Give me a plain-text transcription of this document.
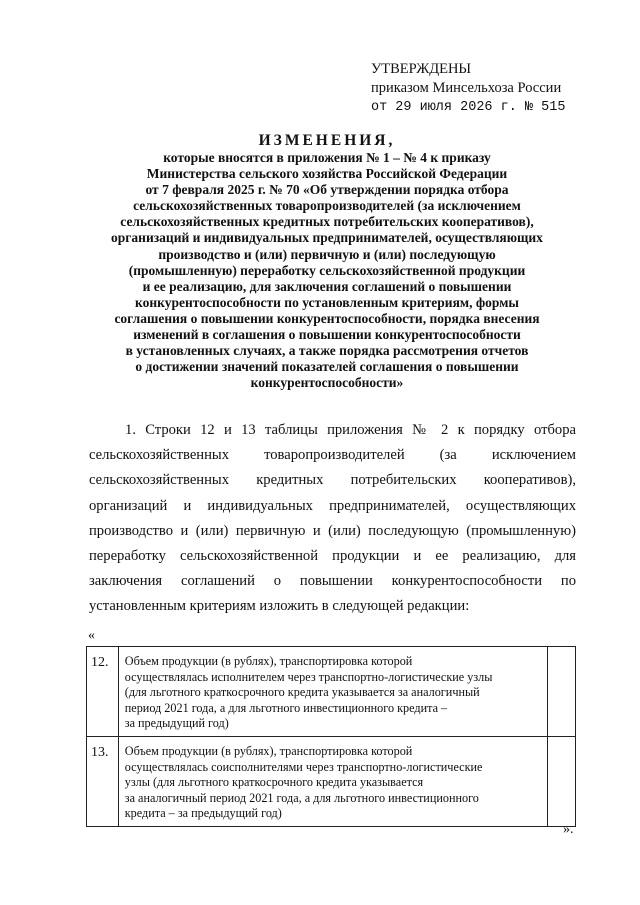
УТВЕРЖДЕНЫ
приказом Минсельхоза России
от 29 июля 2026 г. № 515
ИЗМЕНЕНИЯ,
которые вносятся в приложения № 1 – № 4 к приказу
Министерства сельского хозяйства Российской Федерации
от 7 февраля 2025 г. № 70 «Об утверждении порядка отбора
сельскохозяйственных товаропроизводителей (за исключением
сельскохозяйственных кредитных потребительских кооперативов),
организаций и индивидуальных предпринимателей, осуществляющих
производство и (или) первичную и (или) последующую
(промышленную) переработку сельскохозяйственной продукции
и ее реализацию, для заключения соглашений о повышении
конкурентоспособности по установленным критериям, формы
соглашения о повышении конкурентоспособности, порядка внесения
изменений в соглашения о повышении конкурентоспособности
в установленных случаях, а также порядка рассмотрения отчетов
о достижении значений показателей соглашения о повышении
конкурентоспособности»
1. Строки 12 и 13 таблицы приложения № 2 к порядку отбора сельскохозяйственных товаропроизводителей (за исключением сельскохозяйственных кредитных потребительских кооперативов), организаций и индивидуальных предпринимателей, осуществляющих производство и (или) первичную и (или) последующую (промышленную) переработку сельскохозяйственной продукции и ее реализацию, для заключения соглашений о повышении конкурентоспособности по установленным критериям изложить в следующей редакции:
«
12.	Объем продукции (в рублях), транспортировка которой
осуществлялась исполнителем через транспортно-логистические узлы
(для льготного краткосрочного кредита указывается за аналогичный
период 2021 года, а для льготного инвестиционного кредита –
за предыдущий год)	
13.	Объем продукции (в рублях), транспортировка которой
осуществлялась соисполнителями через транспортно-логистические
узлы (для льготного краткосрочного кредита указывается
за аналогичный период 2021 года, а для льготного инвестиционного
кредита – за предыдущий год)	
».
